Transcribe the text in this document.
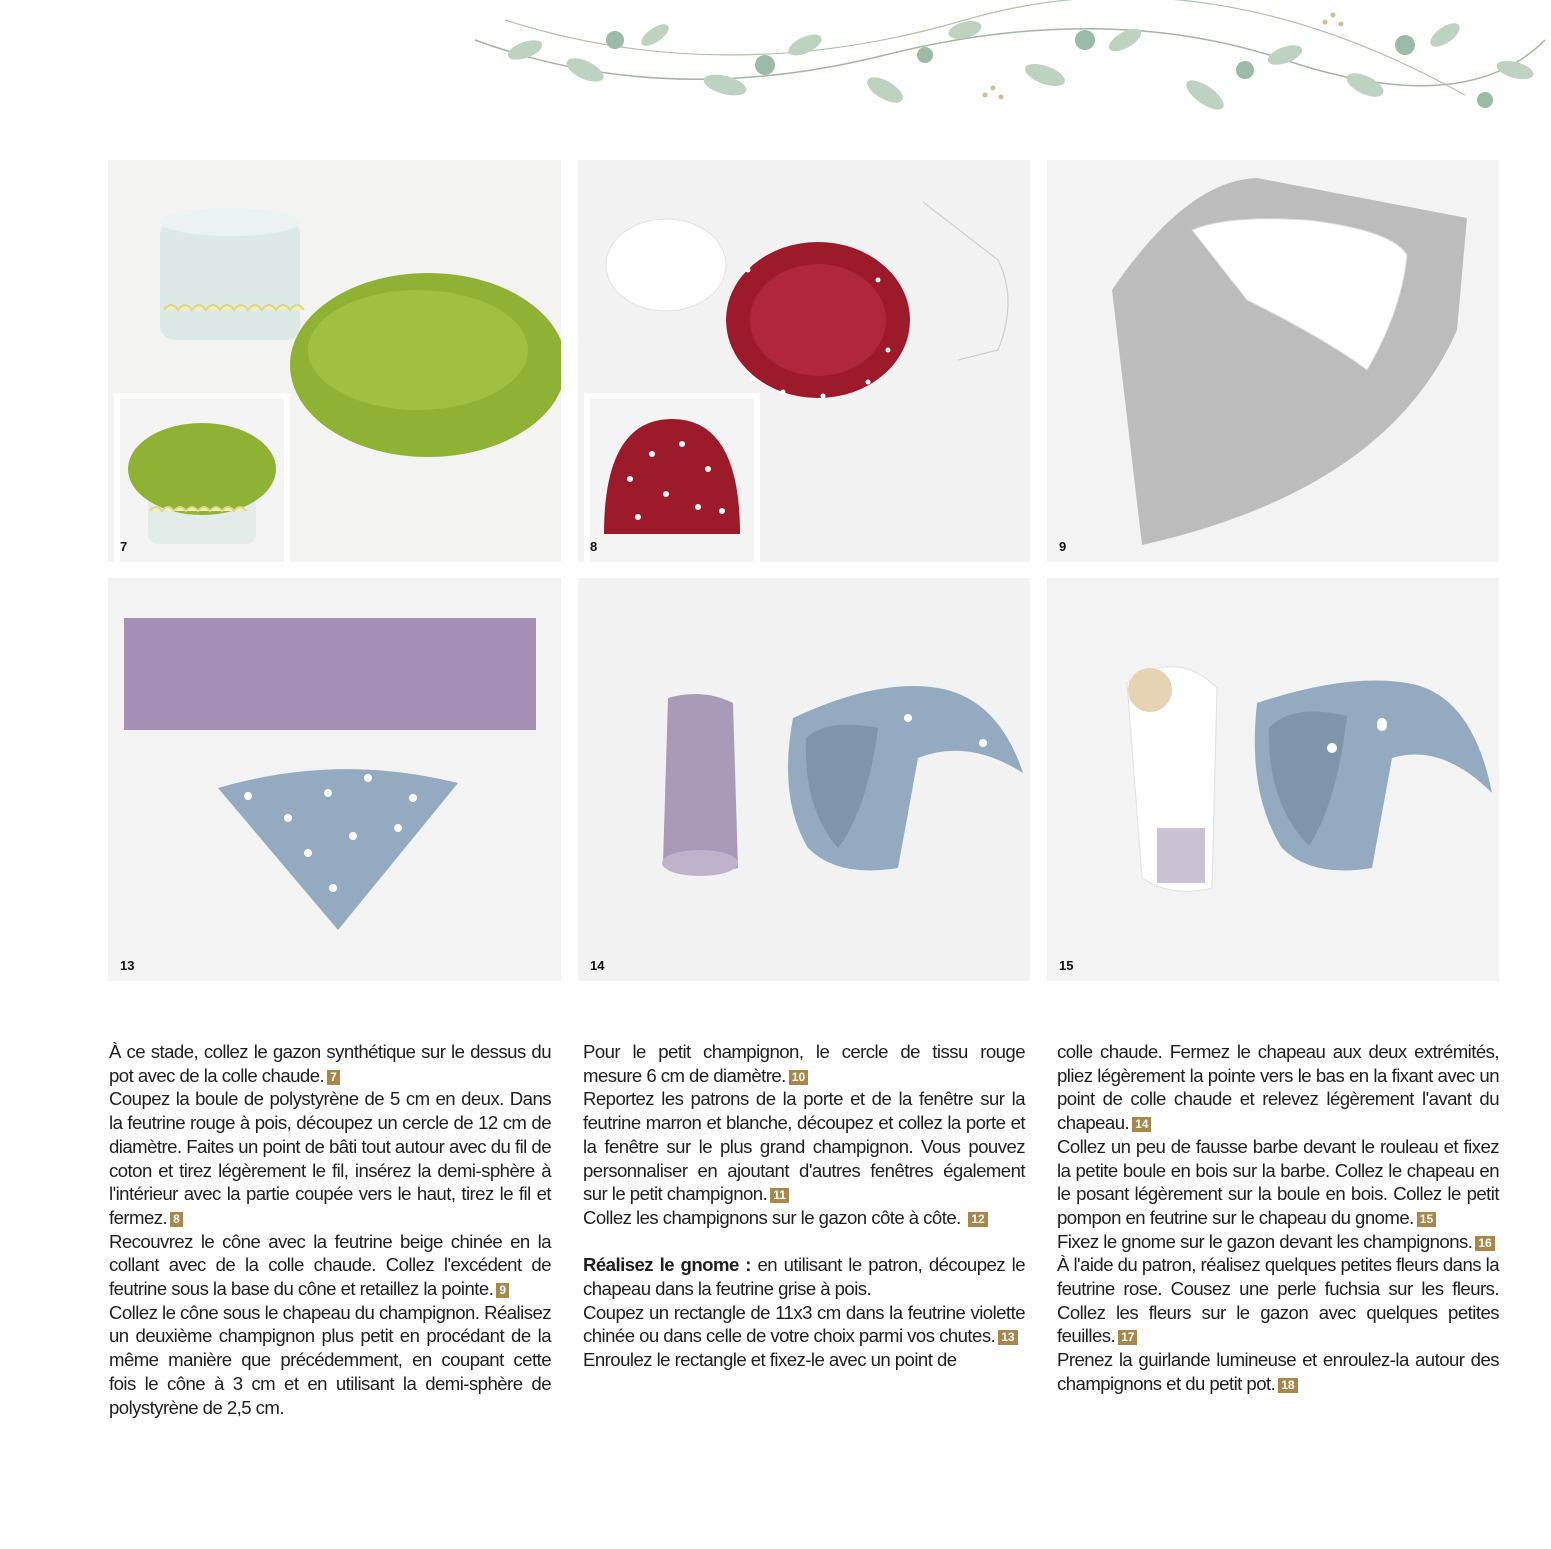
7	8	9
13	14	15

À ce stade, collez le gazon synthétique sur le dessus du pot avec de la colle chaude. 7

Coupez la boule de polystyrène de 5 cm en deux. Dans la feutrine rouge à pois, découpez un cercle de 12 cm de diamètre. Faites un point de bâti tout autour avec du fil de coton et tirez légèrement le fil, insérez la demi-sphère à l'intérieur avec la partie coupée vers le haut, tirez le fil et fermez. 8

Recouvrez le cône avec la feutrine beige chinée en la collant avec de la colle chaude. Collez l'excédent de feutrine sous la base du cône et retaillez la pointe. 9

Collez le cône sous le chapeau du champignon. Réalisez un deuxième champignon plus petit en procédant de la même manière que précédemment, en coupant cette fois le cône à 3 cm et en utilisant la demi-sphère de polystyrène de 2,5 cm.

Pour le petit champignon, le cercle de tissu rouge mesure 6 cm de diamètre. 10

Reportez les patrons de la porte et de la fenêtre sur la feutrine marron et blanche, découpez et collez la porte et la fenêtre sur le plus grand champignon. Vous pouvez personnaliser en ajoutant d'autres fenêtres également sur le petit champignon. 11

Collez les champignons sur le gazon côte à côte. 12

Réalisez le gnome : en utilisant le patron, découpez le chapeau dans la feutrine grise à pois.

Coupez un rectangle de 11x3 cm dans la feutrine violette chinée ou dans celle de votre choix parmi vos chutes. 13

Enroulez le rectangle et fixez-le avec un point de

colle chaude. Fermez le chapeau aux deux extrémités, pliez légèrement la pointe vers le bas en la fixant avec un point de colle chaude et relevez légèrement l'avant du chapeau. 14

Collez un peu de fausse barbe devant le rouleau et fixez la petite boule en bois sur la barbe. Collez le chapeau en le posant légèrement sur la boule en bois. Collez le petit pompon en feutrine sur le chapeau du gnome. 15

Fixez le gnome sur le gazon devant les champignons. 16

À l'aide du patron, réalisez quelques petites fleurs dans la feutrine rose. Cousez une perle fuchsia sur les fleurs. Collez les fleurs sur le gazon avec quelques petites feuilles. 17

Prenez la guirlande lumineuse et enroulez-la autour des champignons et du petit pot. 18
